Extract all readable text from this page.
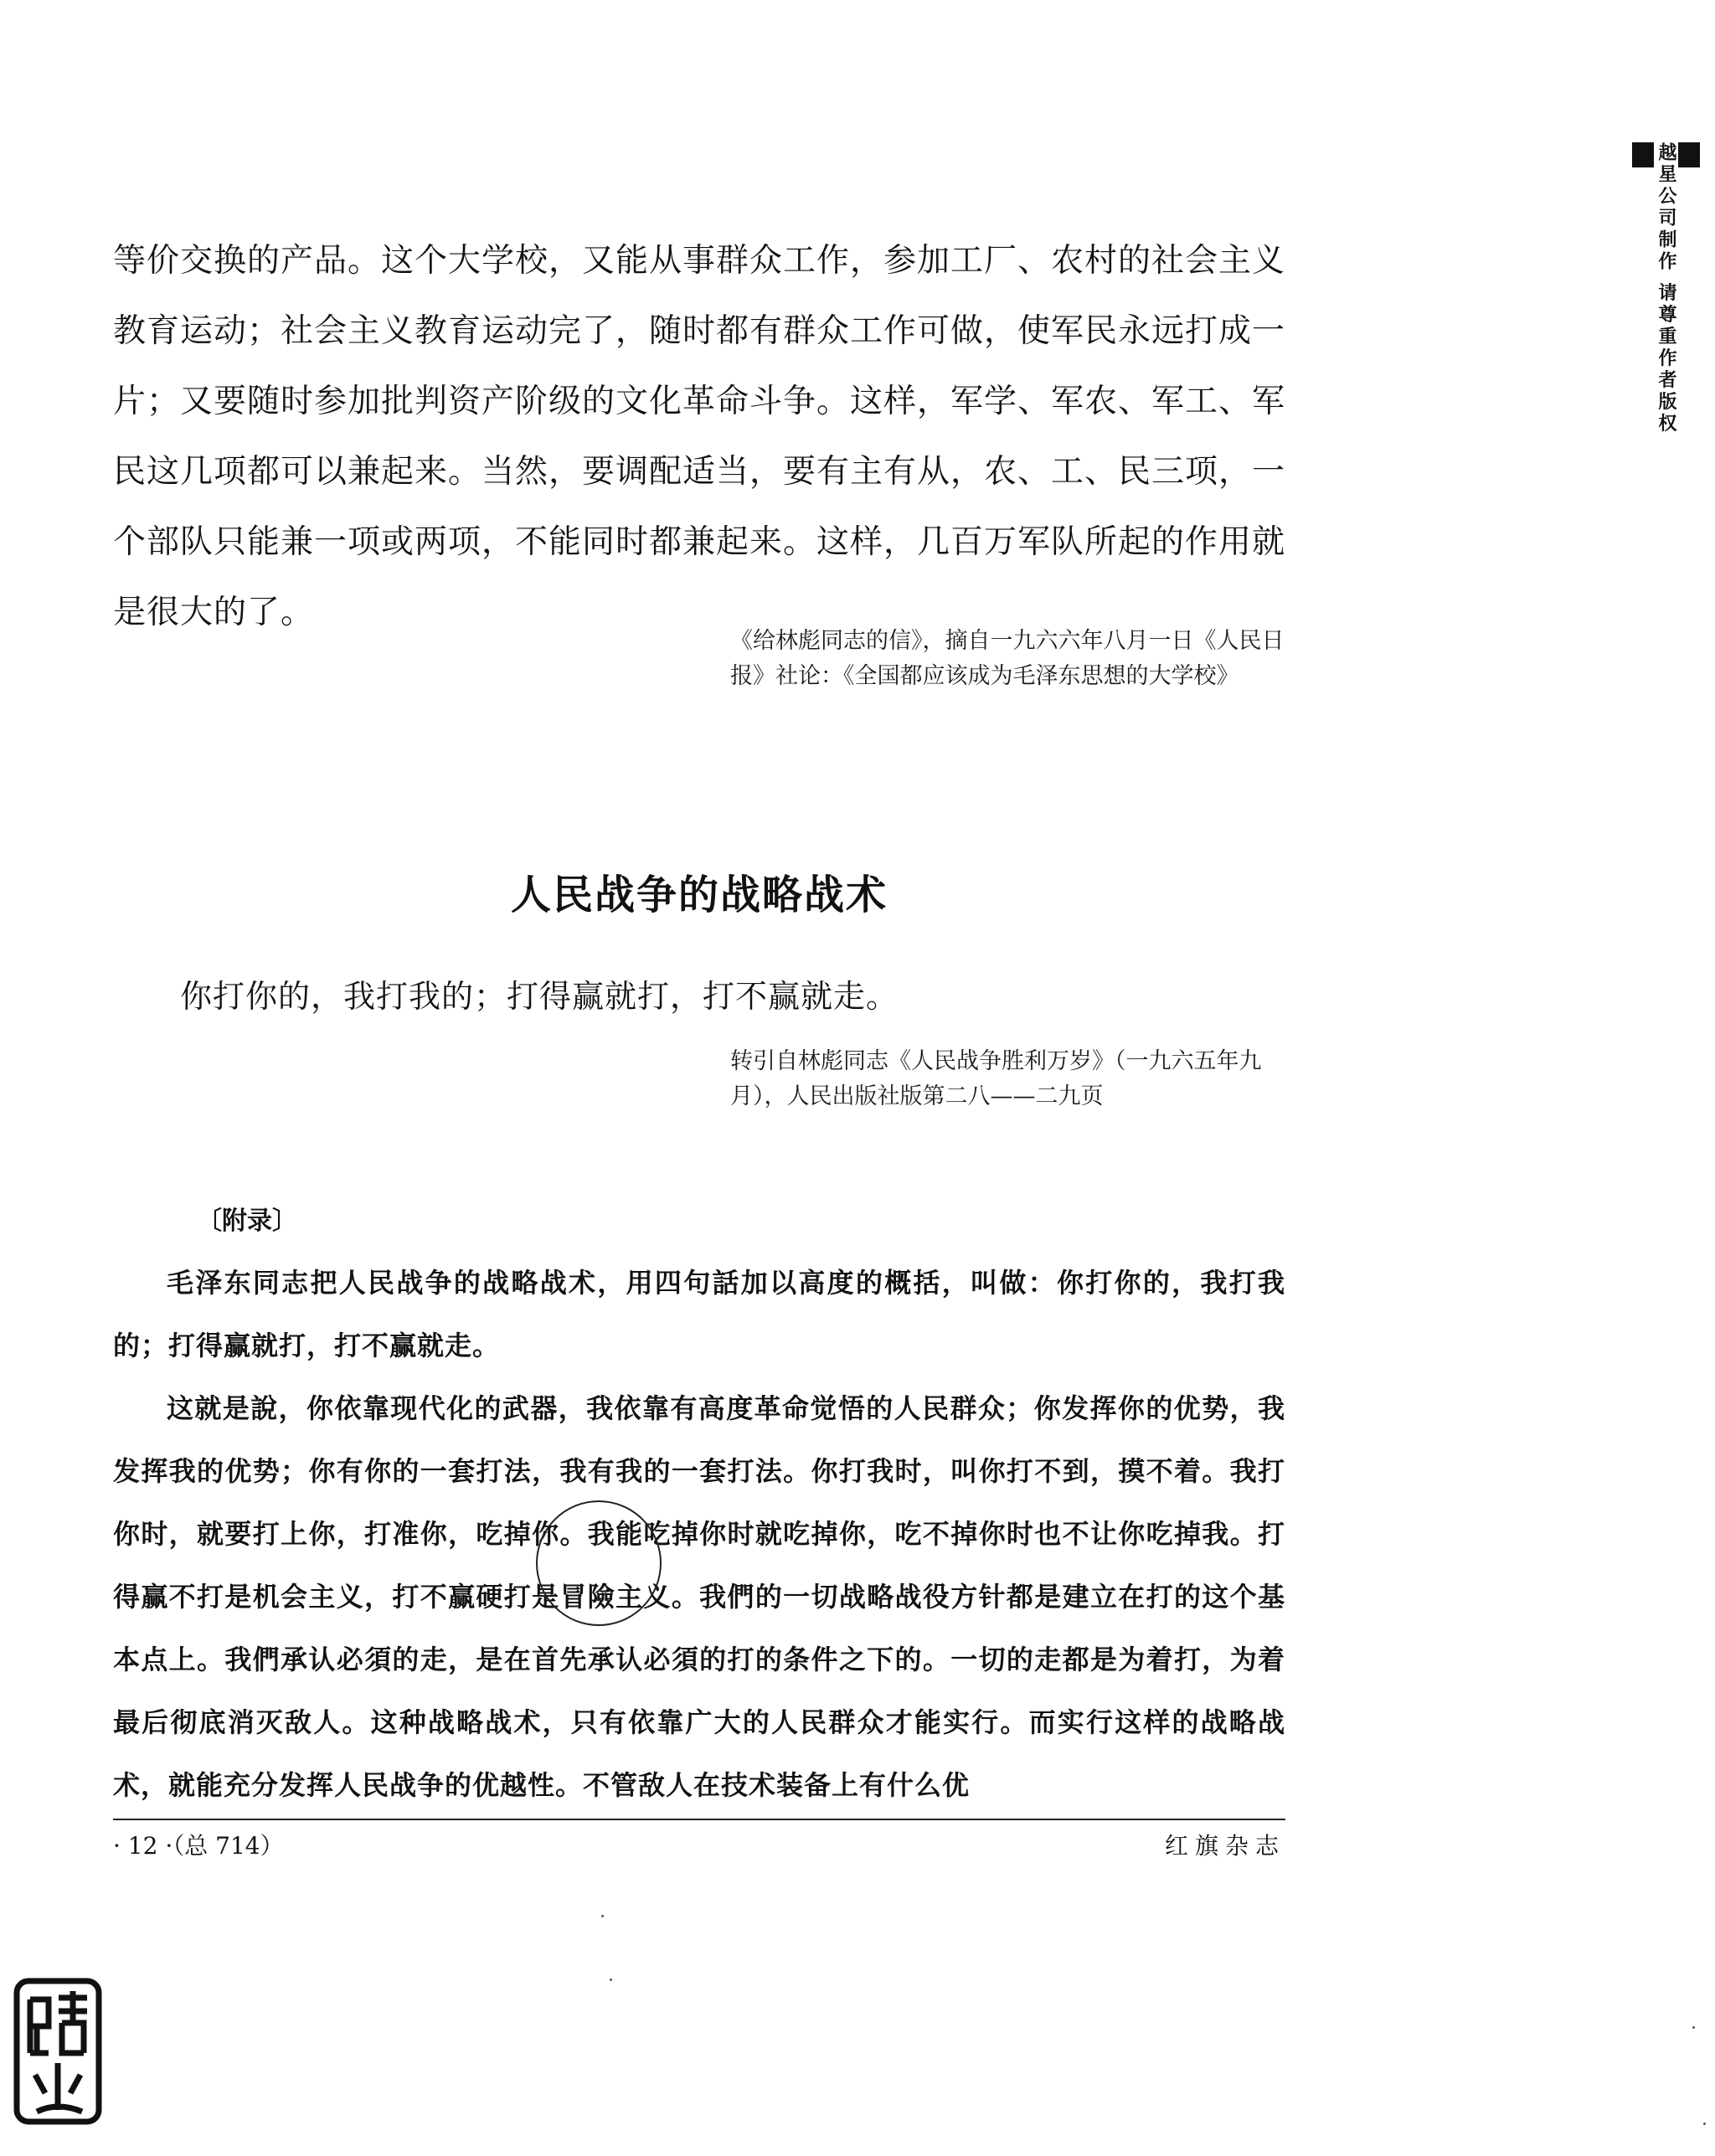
等价交换的产品。这个大学校，又能从事群众工作，参加工厂、农村的社会主义教育运动；社会主义教育运动完了，随时都有群众工作可做，使军民永远打成一片；又要随时参加批判资产阶级的文化革命斗争。这样，军学、军农、军工、军民这几项都可以兼起来。当然，要调配适当，要有主有从，农、工、民三项，一个部队只能兼一项或两项，不能同时都兼起来。这样，几百万军队所起的作用就是很大的了。

《给林彪同志的信》，摘自一九六六年八月一日《人民日报》社论：《全国都应该成为毛泽东思想的大学校》
人民战争的战略战术
你打你的，我打我的；打得赢就打，打不赢就走。
转引自林彪同志《人民战争胜利万岁》（一九六五年九月），人民出版社版第二八——二九页
〔附录〕

毛泽东同志把人民战争的战略战术，用四句話加以高度的概括，叫做：你打你的，我打我的；打得赢就打，打不赢就走。

这就是說，你依靠现代化的武器，我依靠有高度革命觉悟的人民群众；你发挥你的优势，我发挥我的优势；你有你的一套打法，我有我的一套打法。你打我时，叫你打不到，摸不着。我打你时，就要打上你，打准你，吃掉你。我能吃掉你时就吃掉你，吃不掉你时也不让你吃掉我。打得赢不打是机会主义，打不赢硬打是冒險主义。我們的一切战略战役方针都是建立在打的这个基本点上。我們承认必須的走，是在首先承认必須的打的条件之下的。一切的走都是为着打，为着最后彻底消灭敌人。这种战略战术，只有依靠广大的人民群众才能实行。而实行这样的战略战术，就能充分发挥人民战争的优越性。不管敌人在技术装备上有什么优

· 12 ·（总 714）	红旗杂志
越星公司制作 请尊重作者版权
